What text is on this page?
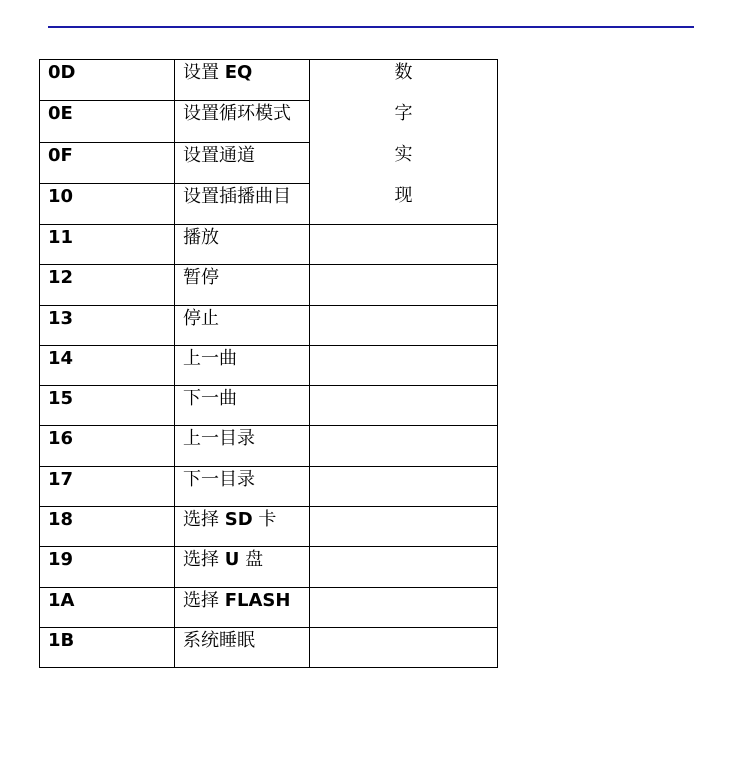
0D	设置 EQ	数
字
实
现

0E	设置循环模式	

0F	设置通道	

10	设置插播曲目	

11	播放	

12	暂停	

13	停止	

14	上一曲	

15	下一曲	

16	上一目录	

17	下一目录	

18	选择 SD 卡	

19	选择 U 盘	

1A	选择 FLASH	

1B	系统睡眠	
